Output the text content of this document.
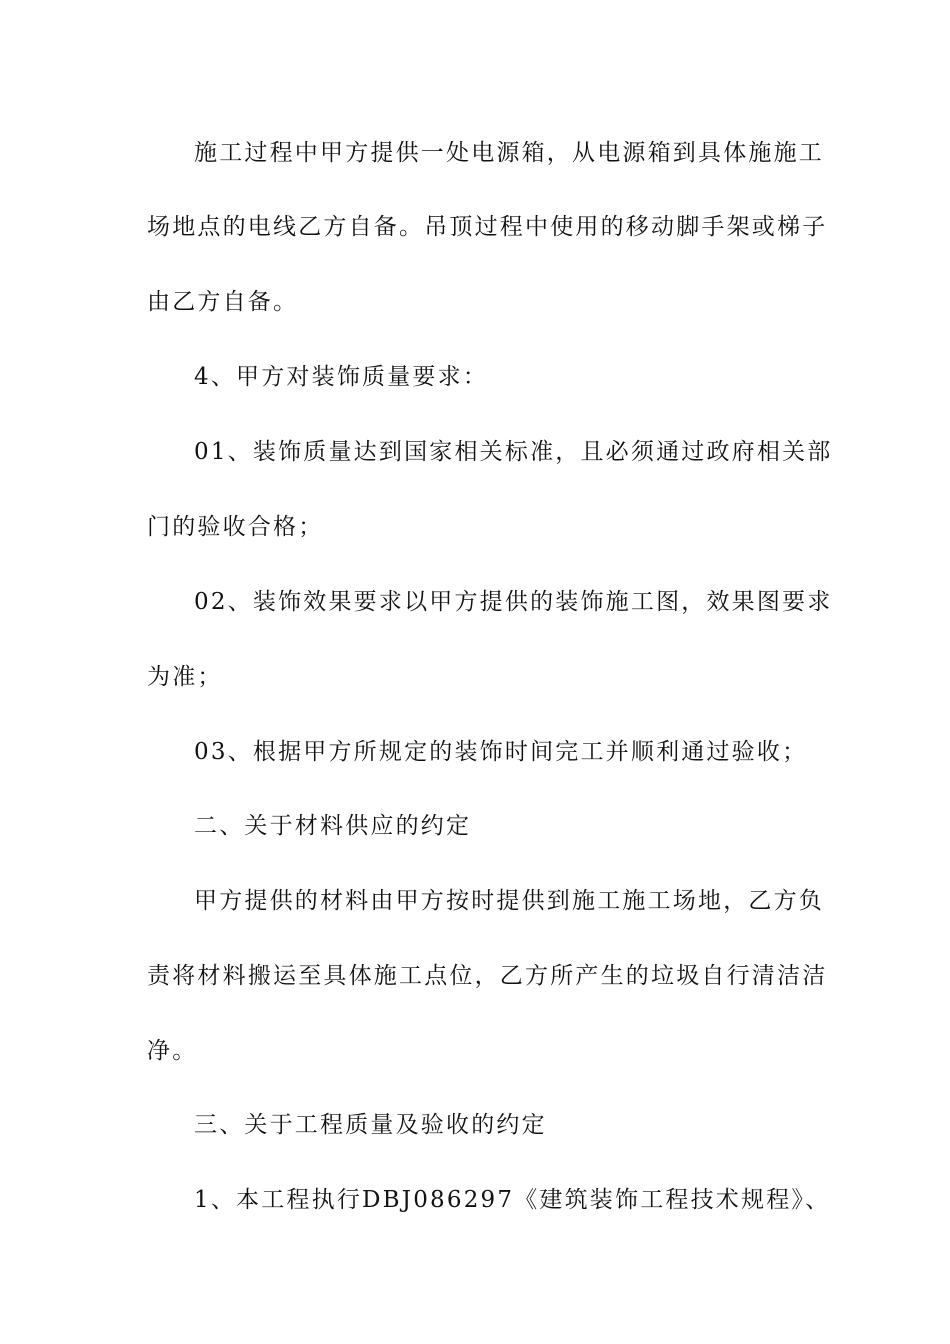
施工过程中甲方提供一处电源箱，从电源箱到具体施施工
场地点的电线乙方自备。吊顶过程中使用的移动脚手架或梯子
由乙方自备。
4、甲方对装饰质量要求：
01、装饰质量达到国家相关标准，且必须通过政府相关部
门的验收合格；
02、装饰效果要求以甲方提供的装饰施工图，效果图要求
为准；
03、根据甲方所规定的装饰时间完工并顺利通过验收；
二、关于材料供应的约定
甲方提供的材料由甲方按时提供到施工施工场地，乙方负
责将材料搬运至具体施工点位，乙方所产生的垃圾自行清洁洁
净。
三、关于工程质量及验收的约定
1、本工程执行DBJ086297《建筑装饰工程技术规程》、
